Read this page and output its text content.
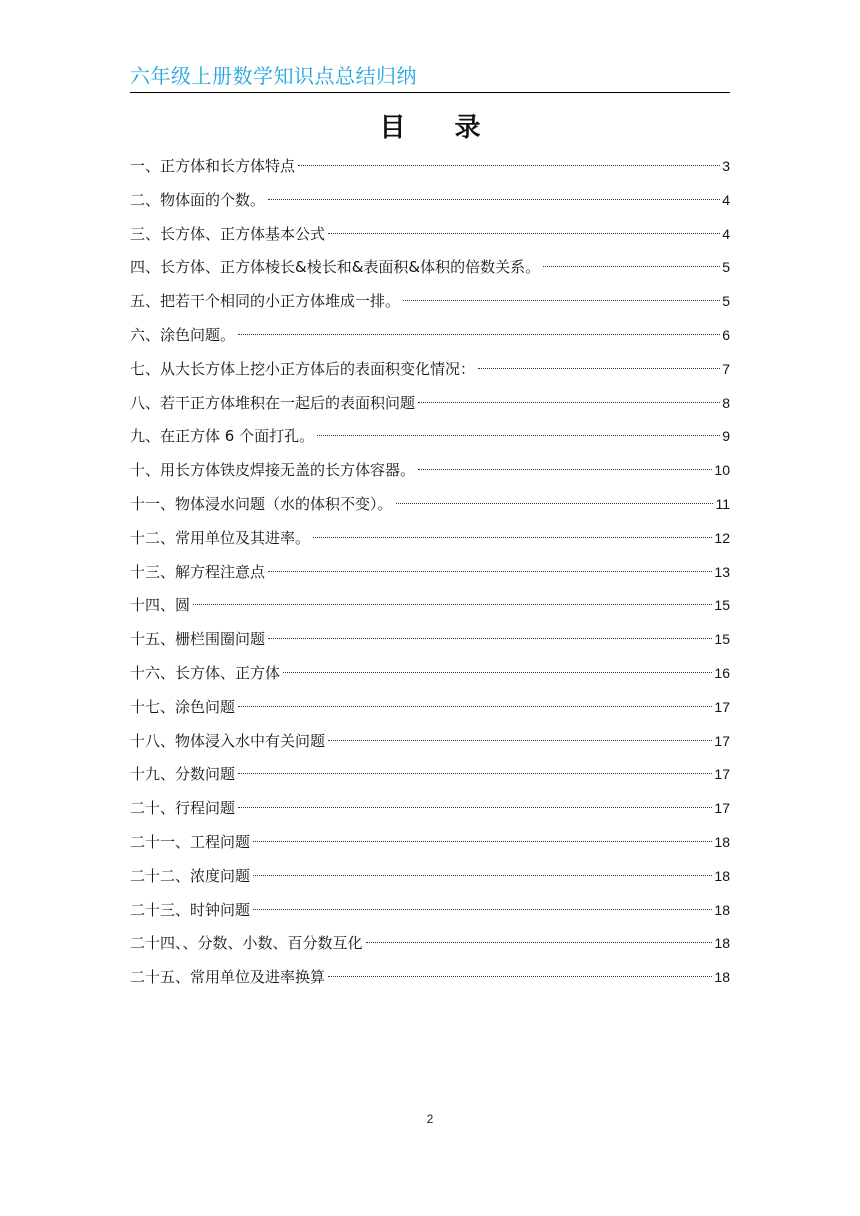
六年级上册数学知识点总结归纳
目 录
一、正方体和长方体特点	3
二、物体面的个数。	4
三、长方体、正方体基本公式	4
四、长方体、正方体棱长&棱长和&表面积&体积的倍数关系。	5
五、把若干个相同的小正方体堆成一排。	5
六、涂色问题。	6
七、从大长方体上挖小正方体后的表面积变化情况：	7
八、若干正方体堆积在一起后的表面积问题	8
九、在正方体 6 个面打孔。	9
十、用长方体铁皮焊接无盖的长方体容器。	10
十一、物体浸水问题（水的体积不变）。	11
十二、常用单位及其进率。	12
十三、解方程注意点	13
十四、圆	15
十五、栅栏围圈问题	15
十六、长方体、正方体	16
十七、涂色问题	17
十八、物体浸入水中有关问题	17
十九、分数问题	17
二十、行程问题	17
二十一、工程问题	18
二十二、浓度问题	18
二十三、时钟问题	18
二十四、、分数、小数、百分数互化	18
二十五、常用单位及进率换算	18
2
